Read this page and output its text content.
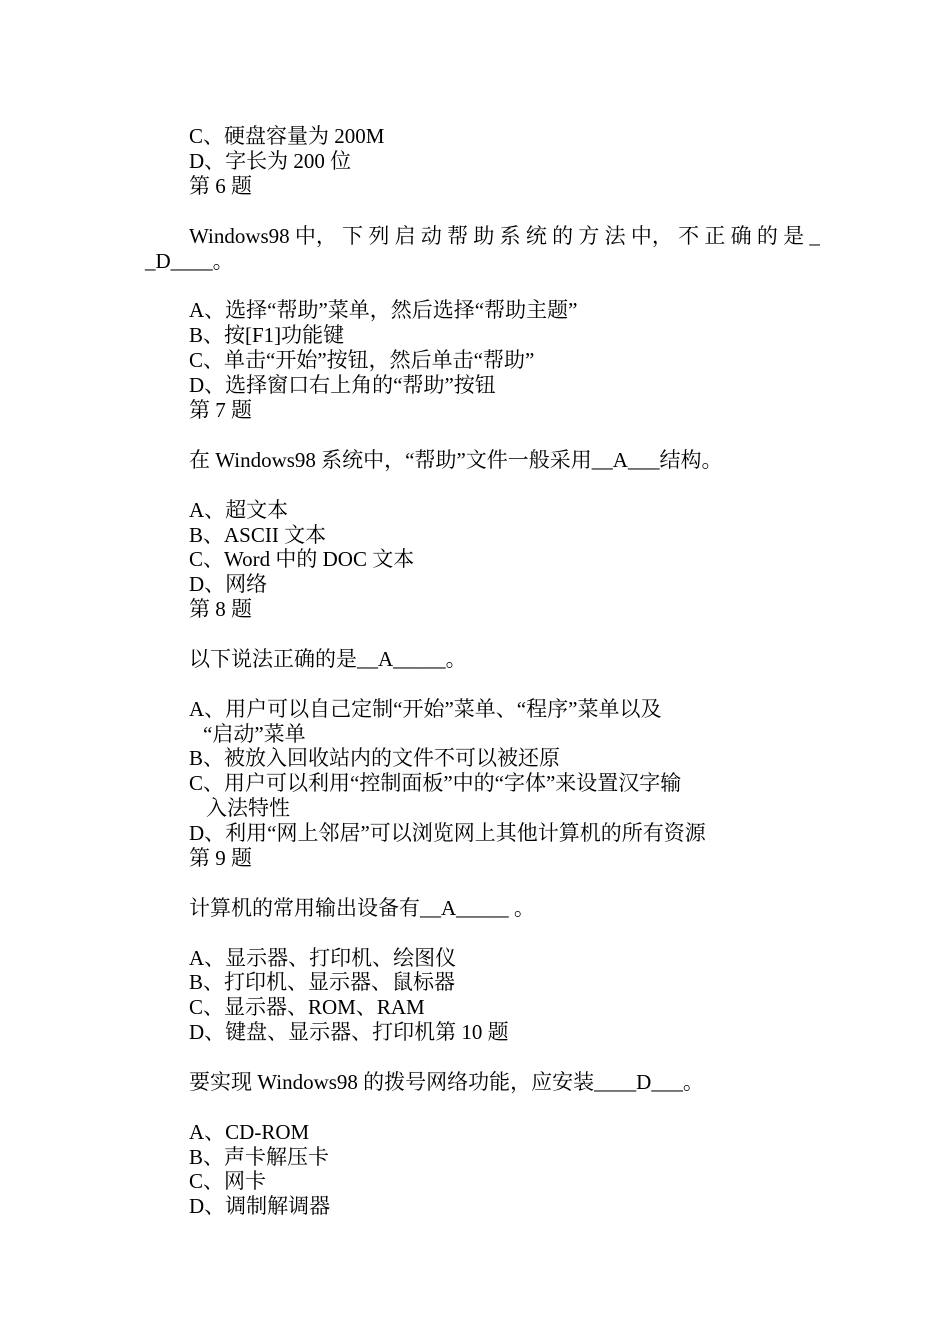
C、硬盘容量为 200M
D、字长为 200 位
第 6 题
Windows98 中， 下 列 启 动 帮 助 系 统 的 方 法 中， 不 正 确 的 是 _
_D____。
A、选择“帮助”菜单，然后选择“帮助主题”
B、按[F1]功能键
C、单击“开始”按钮，然后单击“帮助”
D、选择窗口右上角的“帮助”按钮
第 7 题
在 Windows98 系统中，“帮助”文件一般采用__A___结构。
A、超文本
B、ASCII 文本
C、Word 中的 DOC 文本
D、网络
第 8 题
以下说法正确的是__A_____。
A、用户可以自己定制“开始”菜单、“程序”菜单以及
“启动”菜单
B、被放入回收站内的文件不可以被还原
C、用户可以利用“控制面板”中的“字体”来设置汉字输
入法特性
D、利用“网上邻居”可以浏览网上其他计算机的所有资源
第 9 题
计算机的常用输出设备有__A_____ 。
A、显示器、打印机、绘图仪
B、打印机、显示器、鼠标器
C、显示器、ROM、RAM
D、键盘、显示器、打印机第 10 题
要实现 Windows98 的拨号网络功能，应安装____D___。
A、CD-ROM
B、声卡解压卡
C、网卡
D、调制解调器
